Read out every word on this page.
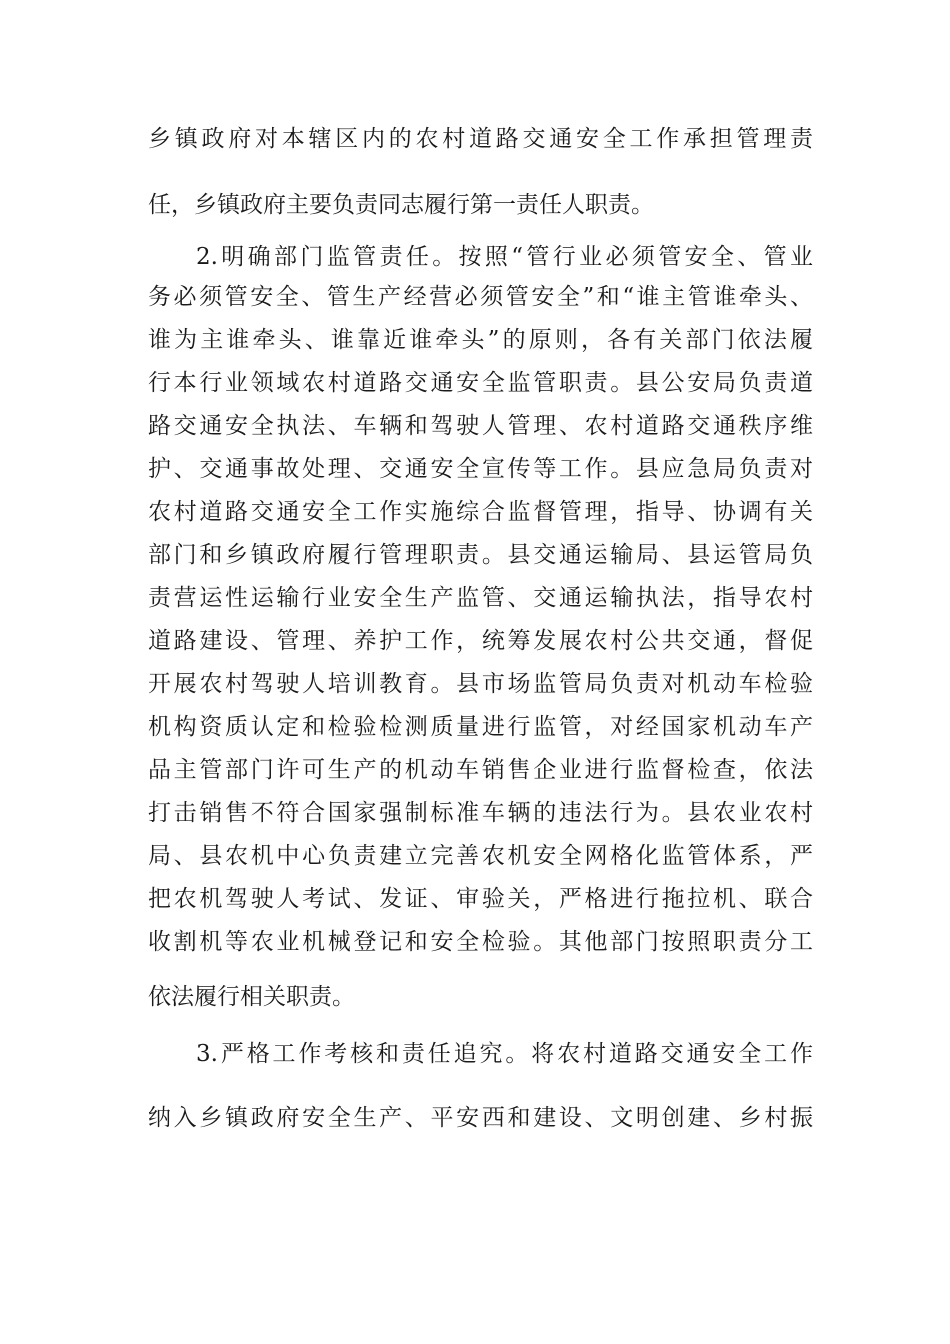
乡镇政府对本辖区内的农村道路交通安全工作承担管理责
任，乡镇政府主要负责同志履行第一责任人职责。
2.明确部门监管责任。按照“管行业必须管安全、管业
务必须管安全、管生产经营必须管安全”和“谁主管谁牵头、
谁为主谁牵头、谁靠近谁牵头”的原则，各有关部门依法履
行本行业领域农村道路交通安全监管职责。县公安局负责道
路交通安全执法、车辆和驾驶人管理、农村道路交通秩序维
护、交通事故处理、交通安全宣传等工作。县应急局负责对
农村道路交通安全工作实施综合监督管理，指导、协调有关
部门和乡镇政府履行管理职责。县交通运输局、县运管局负
责营运性运输行业安全生产监管、交通运输执法，指导农村
道路建设、管理、养护工作，统筹发展农村公共交通，督促
开展农村驾驶人培训教育。县市场监管局负责对机动车检验
机构资质认定和检验检测质量进行监管，对经国家机动车产
品主管部门许可生产的机动车销售企业进行监督检查，依法
打击销售不符合国家强制标准车辆的违法行为。县农业农村
局、县农机中心负责建立完善农机安全网格化监管体系，严
把农机驾驶人考试、发证、审验关，严格进行拖拉机、联合
收割机等农业机械登记和安全检验。其他部门按照职责分工
依法履行相关职责。
3.严格工作考核和责任追究。将农村道路交通安全工作
纳入乡镇政府安全生产、平安西和建设、文明创建、乡村振
